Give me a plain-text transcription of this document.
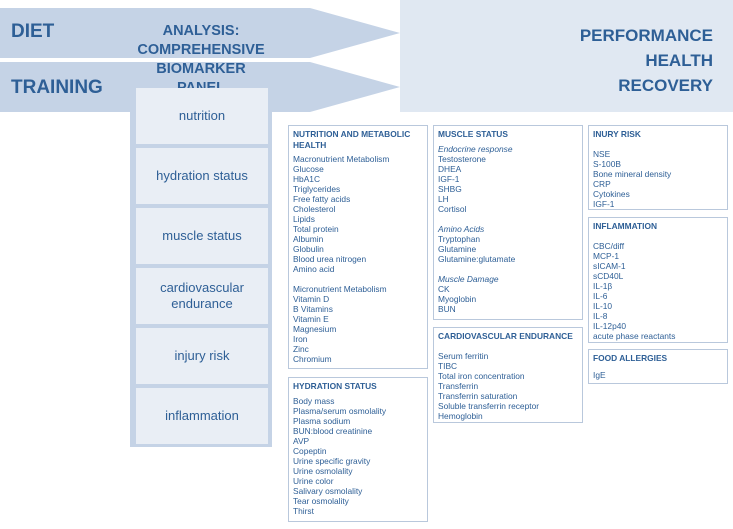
DIET
TRAINING
ANALYSIS:
COMPREHENSIVE
BIOMARKER
PERFORMANCE
HEALTH
RECOVERY
nutrition
hydration status
muscle status
cardiovascular endurance
injury risk
inflammation
NUTRITION AND METABOLIC HEALTH
Macronutrient Metabolism
Glucose
HbA1C
Triglycerides
Free fatty acids
Cholesterol
Lipids
Total protein
Albumin
Globulin
Blood urea nitrogen
Amino acid
Micronutrient Metabolism
Vitamin D
B Vitamins
Vitamin E
Magnesium
Iron
Zinc
Chromium
HYDRATION STATUS
Body mass
Plasma/serum osmolality
Plasma sodium
BUN:blood creatinine
AVP
Copeptin
Urine specific gravity
Urine osmolality
Urine color
Salivary osmolality
Tear osmolality
Thirst
MUSCLE STATUS
Endocrine response
Testosterone
DHEA
IGF-1
SHBG
LH
Cortisol
Amino Acids
Tryptophan
Glutamine
Glutamine:glutamate
Muscle Damage
CK
Myoglobin
BUN
CARDIOVASCULAR ENDURANCE
Serum ferritin
TIBC
Total iron concentration
Transferrin
Transferrin saturation
Soluble transferrin receptor
Hemoglobin
INURY RISK
NSE
S-100B
Bone mineral density
CRP
Cytokines
IGF-1
INFLAMMATION
CBC/diff
MCP-1
sICAM-1
sCD40L
IL-1β
IL-6
IL-10
IL-8
IL-12p40
acute phase reactants
FOOD ALLERGIES
IgE
